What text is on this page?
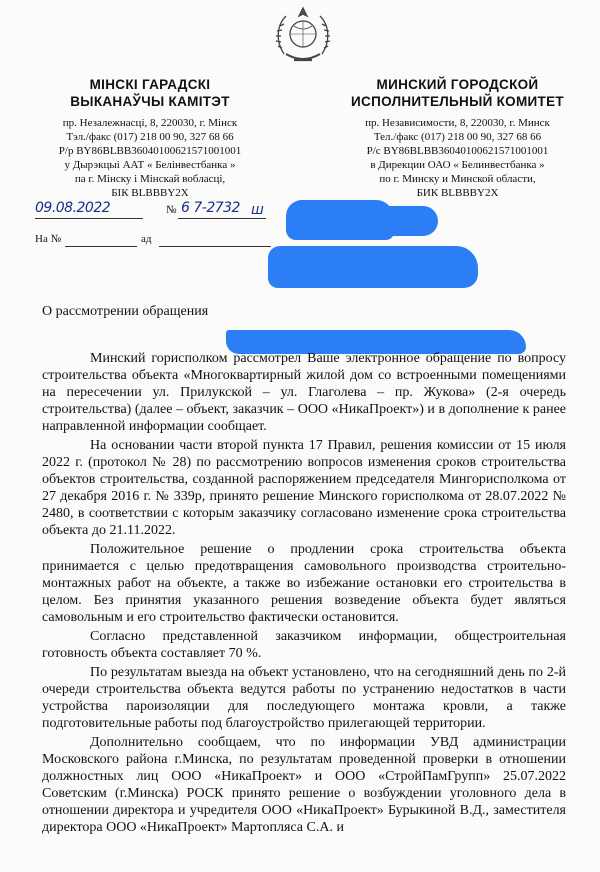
МІНСКІ ГАРАДСКІ
ВЫКАНАЎЧЫ КАМІТЭТ
пр. Незалежнасці, 8, 220030, г. Мінск
Тэл./факс (017) 218 00 90, 327 68 66
Р/р BY86BLBB36040100621571001001
у Дырэкцыі ААТ « Белінвестбанка »
па г. Мінску і Мінскай вобласці,
БІК BLBBBY2X
МИНСКИЙ ГОРОДСКОЙ
ИСПОЛНИТЕЛЬНЫЙ КОМИТЕТ
пр. Независимости, 8, 220030, г. Минск
Тел./факс (017) 218 00 90, 327 68 66
Р/с BY86BLBB36040100621571001001
в Дирекции ОАО « Белинвестбанка »
по г. Минску и Минской области,
БИК BLBBBY2X
09.08.2022	№ 6 7-2732 ш
На №	ад
О рассмотрении обращения

Минский горисполком рассмотрел Ваше электронное обращение по вопросу строительства объекта «Многоквартирный жилой дом со встроенными помещениями на пересечении ул. Прилукской – ул. Глаголева – пр. Жукова» (2-я очередь строительства) (далее – объект, заказчик – ООО «НикаПроект») и в дополнение к ранее направленной информации сообщает.

На основании части второй пункта 17 Правил, решения комиссии от 15 июля 2022 г. (протокол № 28) по рассмотрению вопросов изменения сроков строительства объектов строительства, созданной распоряжением председателя Мингорисполкома от 27 декабря 2016 г. № 339р, принято решение Минского горисполкома от 28.07.2022 № 2480, в соответствии с которым заказчику согласовано изменение срока строительства объекта до 21.11.2022.

Положительное решение о продлении срока строительства объекта принимается с целью предотвращения самовольного производства строительно-монтажных работ на объекте, а также во избежание остановки его строительства в целом. Без принятия указанного решения возведение объекта будет являться самовольным и его строительство фактически остановится.

Согласно представленной заказчиком информации, общестроительная готовность объекта составляет 70 %.

По результатам выезда на объект установлено, что на сегодняшний день по 2-й очереди строительства объекта ведутся работы по устранению недостатков в части устройства пароизоляции для последующего монтажа кровли, а также подготовительные работы под благоустройство прилегающей территории.

Дополнительно сообщаем, что по информации УВД администрации Московского района г.Минска, по результатам проведенной проверки в отношении должностных лиц ООО «НикаПроект» и ООО «СтройПамГрупп» 25.07.2022 Советским (г.Минска) РОСК принято решение о возбуждении уголовного дела в отношении директора и учредителя ООО «НикаПроект» Бурыкиной В.Д., заместителя директора ООО «НикаПроект» Мартопляса С.А. и
